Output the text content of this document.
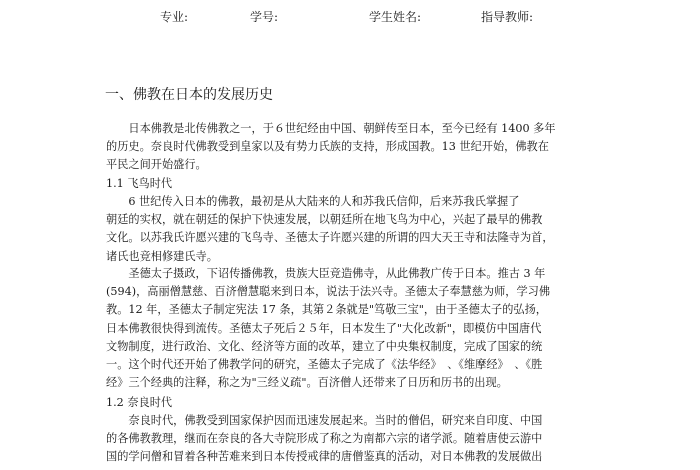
专业:	学号:	学生姓名:	指导教师:
一、佛教在日本的发展历史
　　日本佛教是北传佛教之一，于６世纪经由中国、朝鲜传至日本，至今已经有 1400 多年
的历史。奈良时代佛教受到皇家以及有势力氏族的支持，形成国教。13 世纪开始，佛教在
平民之间开始盛行。
1.1 飞鸟时代
　　6 世纪传入日本的佛教，最初是从大陆来的人和苏我氏信仰，后来苏我氏掌握了
朝廷的实权，就在朝廷的保护下快速发展，以朝廷所在地飞鸟为中心，兴起了最早的佛教
文化。以苏我氏许愿兴建的飞鸟寺、圣德太子许愿兴建的所谓的四大天王寺和法隆寺为首，
诸氏也竞相修建氏寺。
　　圣德太子摄政，下诏传播佛教，贵族大臣竞造佛寺，从此佛教广传于日本。推古 3 年
(594)，高丽僧慧慈、百济僧慧聪来到日本，说法于法兴寺。圣德太子奉慧慈为师，学习佛
教。12 年，圣德太子制定宪法 17 条，其第２条就是"笃敬三宝"，由于圣德太子的弘扬，
日本佛教很快得到流传。圣德太子死后２５年，日本发生了"大化改新"，即模仿中国唐代
文物制度，进行政治、文化、经济等方面的改革，建立了中央集权制度，完成了国家的统
一。这个时代还开始了佛教学问的研究，圣德太子完成了《法华经》　、《维摩经》　、《胜
经》三个经典的注释，称之为"三经义疏"。百济僧人还带来了日历和历书的出现。
1.2 奈良时代
　　奈良时代，佛教受到国家保护因而迅速发展起来。当时的僧侣，研究来自印度、中国
的各佛教教理，继而在奈良的各大寺院形成了称之为南都六宗的诸学派。随着唐使云游中
国的学问僧和冒着各种苦难来到日本传授戒律的唐僧鉴真的活动，对日本佛教的发展做出
